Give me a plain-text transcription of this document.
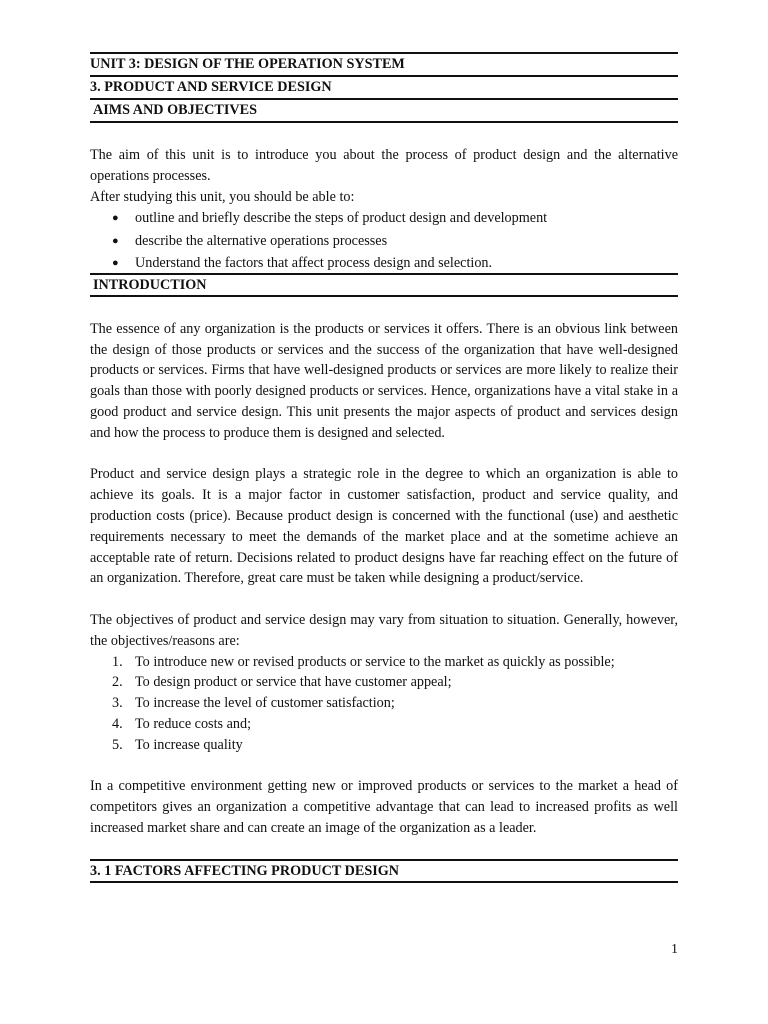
UNIT 3: DESIGN OF THE OPERATION SYSTEM
3. PRODUCT AND SERVICE DESIGN
AIMS AND OBJECTIVES

The aim of this unit is to introduce you about the process of product design and the alternative operations processes.

After studying this unit, you should be able to:

● outline and briefly describe the steps of product design and development
● describe the alternative operations processes
● Understand the factors that affect process design and selection.
INTRODUCTION

The essence of any organization is the products or services it offers. There is an obvious link between the design of those products or services and the success of the organization that have well-designed products or services. Firms that have well-designed products or services are more likely to realize their goals than those with poorly designed products or services. Hence, organizations have a vital stake in a good product and service design. This unit presents the major aspects of product and services design and how the process to produce them is designed and selected.

Product and service design plays a strategic role in the degree to which an organization is able to achieve its goals. It is a major factor in customer satisfaction, product and service quality, and production costs (price). Because product design is concerned with the functional (use) and aesthetic requirements necessary to meet the demands of the market place and at the sometime achieve an acceptable rate of return. Decisions related to product designs have far reaching effect on the future of an organization. Therefore, great care must be taken while designing a product/service.

The objectives of product and service design may vary from situation to situation. Generally, however, the objectives/reasons are:

1. To introduce new or revised products or service to the market as quickly as possible;
2. To design product or service that have customer appeal;
3. To increase the level of customer satisfaction;
4. To reduce costs and;
5. To increase quality

In a competitive environment getting new or improved products or services to the market a head of competitors gives an organization a competitive advantage that can lead to increased profits as well increased market share and can create an image of the organization as a leader.

3. 1 FACTORS AFFECTING PRODUCT DESIGN
1
